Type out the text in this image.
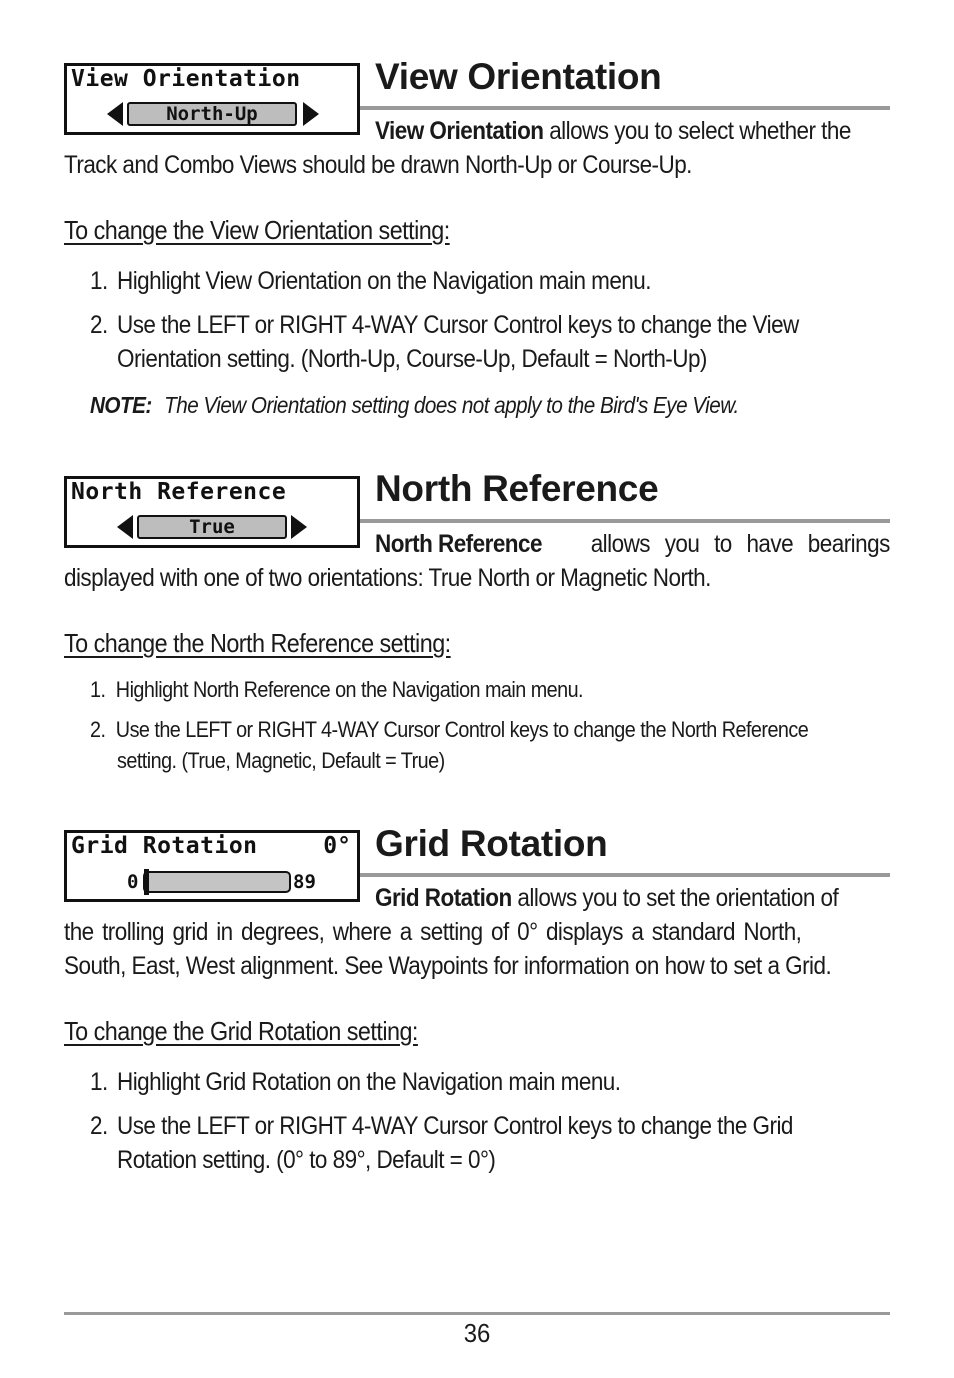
View Orientation
North-Up
View Orientation
View Orientation allows you to select whether the
Track and Combo Views should be drawn North-Up or Course-Up.
To change the View Orientation setting:
1. Highlight View Orientation on the Navigation main menu.
2. Use the LEFT or RIGHT 4-WAY Cursor Control keys to change the View
Orientation setting. (North-Up, Course-Up, Default = North-Up)
NOTE: The View Orientation setting does not apply to the Bird's Eye View.
North Reference
True
North Reference
North Reference allows you to have bearings
displayed with one of two orientations: True North or Magnetic North.
To change the North Reference setting:
1. Highlight North Reference on the Navigation main menu.
2. Use the LEFT or RIGHT 4-WAY Cursor Control keys to change the North Reference
setting. (True, Magnetic, Default = True)
Grid Rotation	0°
0	89
Grid Rotation
Grid Rotation allows you to set the orientation of
the trolling grid in degrees, where a setting of 0° displays a standard North,
South, East, West alignment. See Waypoints for information on how to set a Grid.
To change the Grid Rotation setting:
1. Highlight Grid Rotation on the Navigation main menu.
2. Use the LEFT or RIGHT 4-WAY Cursor Control keys to change the Grid
Rotation setting. (0° to 89°, Default = 0°)
36
